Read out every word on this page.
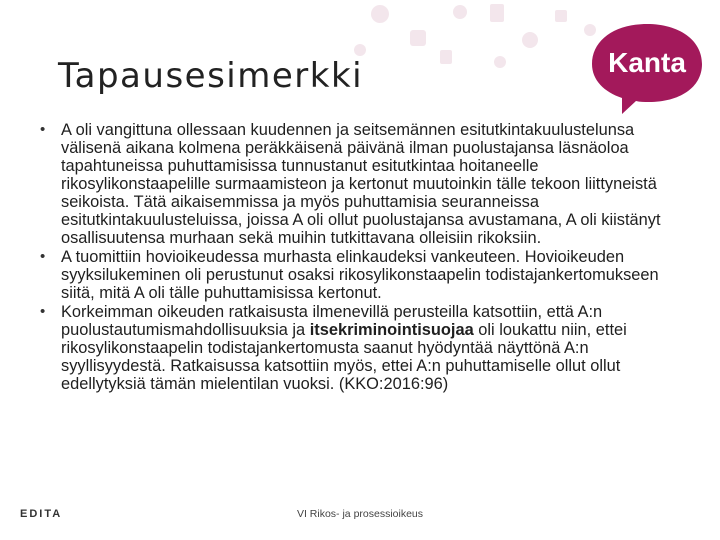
Kanta
Tapausesimerkki
• A oli vangittuna ollessaan kuudennen ja seitsemännen esitutkintakuulustelunsa välisenä aikana kolmena peräkkäisenä päivänä ilman puolustajansa läsnäoloa tapahtuneissa puhuttamisissa tunnustanut esitutkintaa hoitaneelle rikosylikonstaapelille surmaamisteon ja kertonut muutoinkin tälle tekoon liittyneistä seikoista. Tätä aikaisemmissa ja myös puhuttamisia seuranneissa esitutkintakuulusteluissa, joissa A oli ollut puolustajansa avustamana, A oli kiistänyt osallisuutensa murhaan sekä muihin tutkittavana olleisiin rikoksiin.
• A tuomittiin hovioikeudessa murhasta elinkaudeksi vankeuteen. Hovioikeuden syyksilukeminen oli perustunut osaksi rikosylikonstaapelin todistajankertomukseen siitä, mitä A oli tälle puhuttamisissa kertonut.
• Korkeimman oikeuden ratkaisusta ilmenevillä perusteilla katsottiin, että A:n puolustautumismahdollisuuksia ja itsekriminointisuojaa oli loukattu niin, ettei rikosylikonstaapelin todistajankertomusta saanut hyödyntää näyttönä A:n syyllisyydestä. Ratkaisussa katsottiin myös, ettei A:n puhuttamiselle ollut ollut edellytyksiä tämän mielentilan vuoksi. (KKO:2016:96)
EDITA	VI Rikos- ja prosessioikeus
